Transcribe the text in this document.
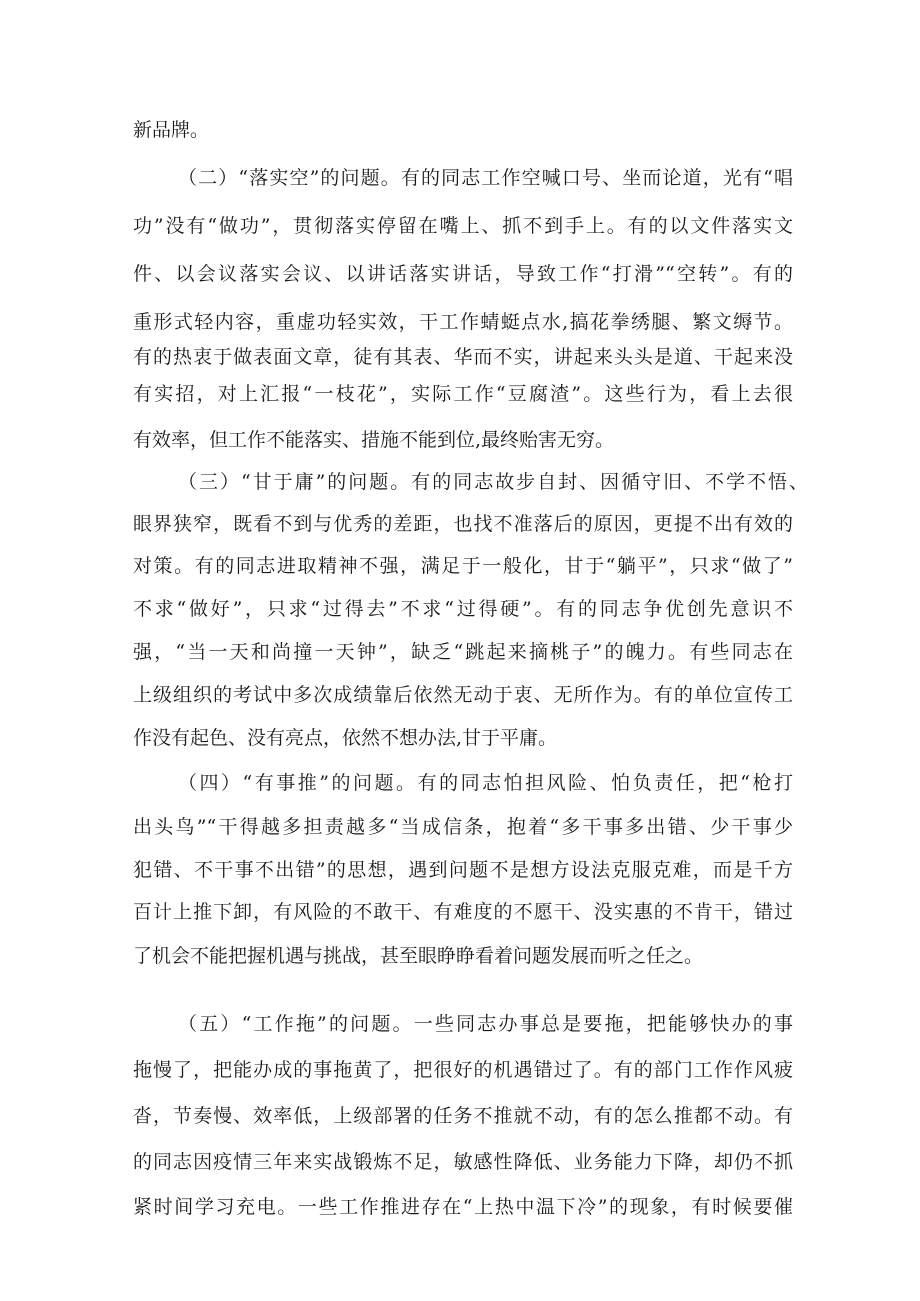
新品牌。
（二）“落实空”的问题。有的同志工作空喊口号、坐而论道，光有“唱
功”没有“做功”，贯彻落实停留在嘴上、抓不到手上。有的以文件落实文
件、以会议落实会议、以讲话落实讲话，导致工作“打滑”“空转”。有的
重形式轻内容，重虚功轻实效，干工作蜻蜓点水,搞花拳绣腿、繁文缛节。
有的热衷于做表面文章，徒有其表、华而不实，讲起来头头是道、干起来没
有实招，对上汇报“一枝花”，实际工作“豆腐渣”。这些行为，看上去很
有效率，但工作不能落实、措施不能到位,最终贻害无穷。
（三）“甘于庸”的问题。有的同志故步自封、因循守旧、不学不悟、
眼界狭窄，既看不到与优秀的差距，也找不准落后的原因，更提不出有效的
对策。有的同志进取精神不强，满足于一般化，甘于“躺平”，只求“做了”
不求“做好”，只求“过得去”不求“过得硬”。有的同志争优创先意识不
强，“当一天和尚撞一天钟”，缺乏“跳起来摘桃子”的魄力。有些同志在
上级组织的考试中多次成绩靠后依然无动于衷、无所作为。有的单位宣传工
作没有起色、没有亮点，依然不想办法,甘于平庸。
（四）“有事推”的问题。有的同志怕担风险、怕负责任，把“枪打
出头鸟”“干得越多担责越多“当成信条，抱着“多干事多出错、少干事少
犯错、不干事不出错”的思想，遇到问题不是想方设法克服克难，而是千方
百计上推下卸，有风险的不敢干、有难度的不愿干、没实惠的不肯干，错过
了机会不能把握机遇与挑战，甚至眼睁睁看着问题发展而听之任之。
（五）“工作拖”的问题。一些同志办事总是要拖，把能够快办的事
拖慢了，把能办成的事拖黄了，把很好的机遇错过了。有的部门工作作风疲
沓，节奏慢、效率低，上级部署的任务不推就不动，有的怎么推都不动。有
的同志因疫情三年来实战锻炼不足，敏感性降低、业务能力下降，却仍不抓
紧时间学习充电。一些工作推进存在“上热中温下冷”的现象，有时候要催
